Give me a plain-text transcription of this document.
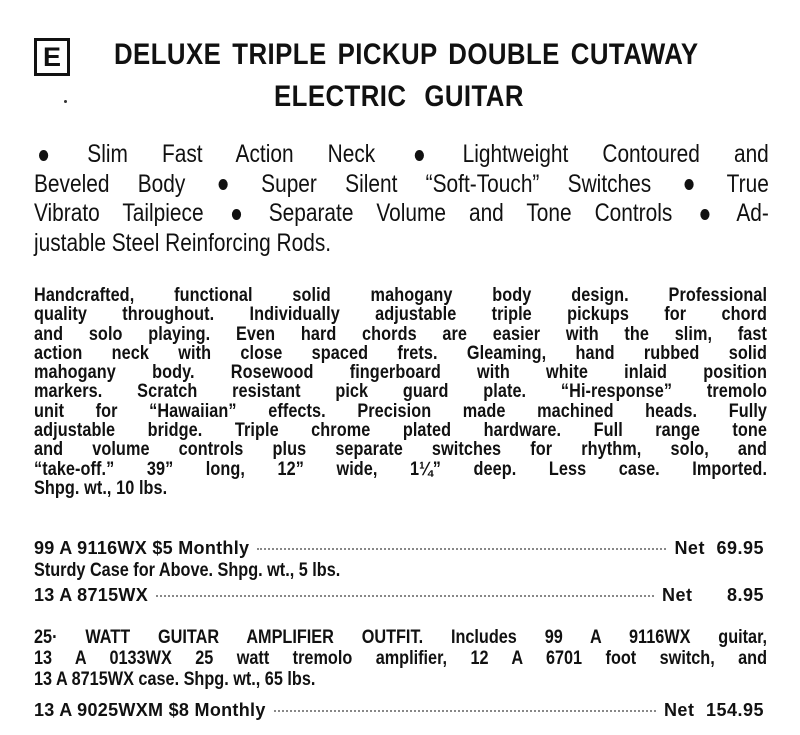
E	DELUXE TRIPLE PICKUP DOUBLE CUTAWAY
ELECTRIC GUITAR
Slim Fast Action Neck	Lightweight Contoured and
Beveled Body	Super Silent “Soft-Touch” Switches	True
Vibrato Tailpiece	Separate Volume and Tone Controls	Ad-
justable Steel Reinforcing Rods.
Handcrafted, functional solid mahogany body design. Professional
quality throughout. Individually adjustable triple pickups for chord
and solo playing. Even hard chords are easier with the slim, fast
action neck with close spaced frets. Gleaming, hand rubbed solid
mahogany body. Rosewood fingerboard with white inlaid position
markers. Scratch resistant pick guard plate. “Hi-response” tremolo
unit for “Hawaiian” effects. Precision made machined heads. Fully
adjustable bridge. Triple chrome plated hardware. Full range tone
and volume controls plus separate switches for rhythm, solo, and
“take-off.” 39” long, 12” wide, 1¼” deep. Less case. Imported.
Shpg. wt., 10 lbs.
99 A 9116WX $5 Monthly	Net 69.95
Sturdy Case for Above. Shpg. wt., 5 lbs.
13 A 8715WX	Net   8.95
25· WATT GUITAR AMPLIFIER OUTFIT. Includes 99 A 9116WX guitar,
13 A 0133WX 25 watt tremolo amplifier, 12 A 6701 foot switch, and
13 A 8715WX case. Shpg. wt., 65 lbs.
13 A 9025WXM $8 Monthly	Net 154.95
